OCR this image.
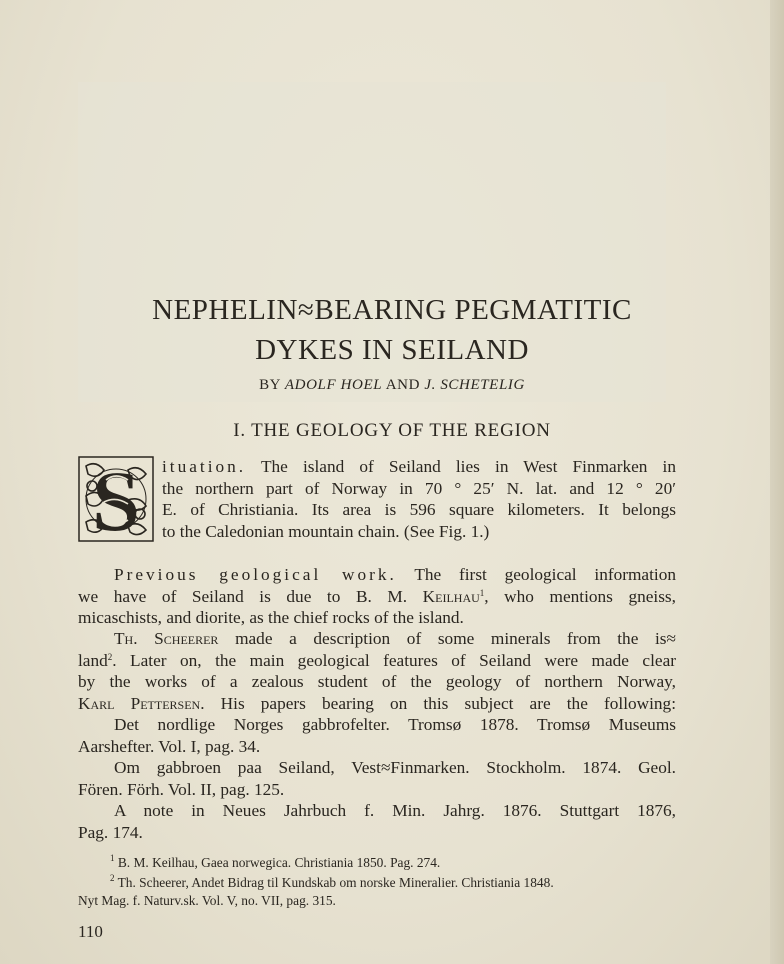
NEPHELIN≈BEARING PEGMATITIC
DYKES IN SEILAND
BY ADOLF HOEL AND J. SCHETELIG
I. THE GEOLOGY OF THE REGION
S ituation. The island of Seiland lies in West Finmarken in
the northern part of Norway in 70 ° 25′ N. lat. and 12 ° 20′
E. of Christiania. Its area is 596 square kilometers. It belongs
to the Caledonian mountain chain. (See Fig. 1.)
Previous geological work. The first geological information
we have of Seiland is due to B. M. Keilhau$^1$, who mentions gneiss,
micaschists, and diorite, as the chief rocks of the island.
Th. Scheerer made a description of some minerals from the is≈
land$^2$. Later on, the main geological features of Seiland were made clear
by the works of a zealous student of the geology of northern Norway,
Karl Pettersen. His papers bearing on this subject are the following:
Det nordlige Norges gabbrofelter. Tromsø 1878. Tromsø Museums
Aarshefter. Vol. I, pag. 34.
Om gabbroen paa Seiland, Vest≈Finmarken. Stockholm. 1874. Geol.
Fören. Förh. Vol. II, pag. 125.
A note in Neues Jahrbuch f. Min. Jahrg. 1876. Stuttgart 1876,
Pag. 174.
$^1$ B. M. Keilhau, Gaea norwegica. Christiania 1850. Pag. 274.
$^2$ Th. Scheerer, Andet Bidrag til Kundskab om norske Mineralier. Christiania 1848.
Nyt Mag. f. Naturv.sk. Vol. V, no. VII, pag. 315.
110
